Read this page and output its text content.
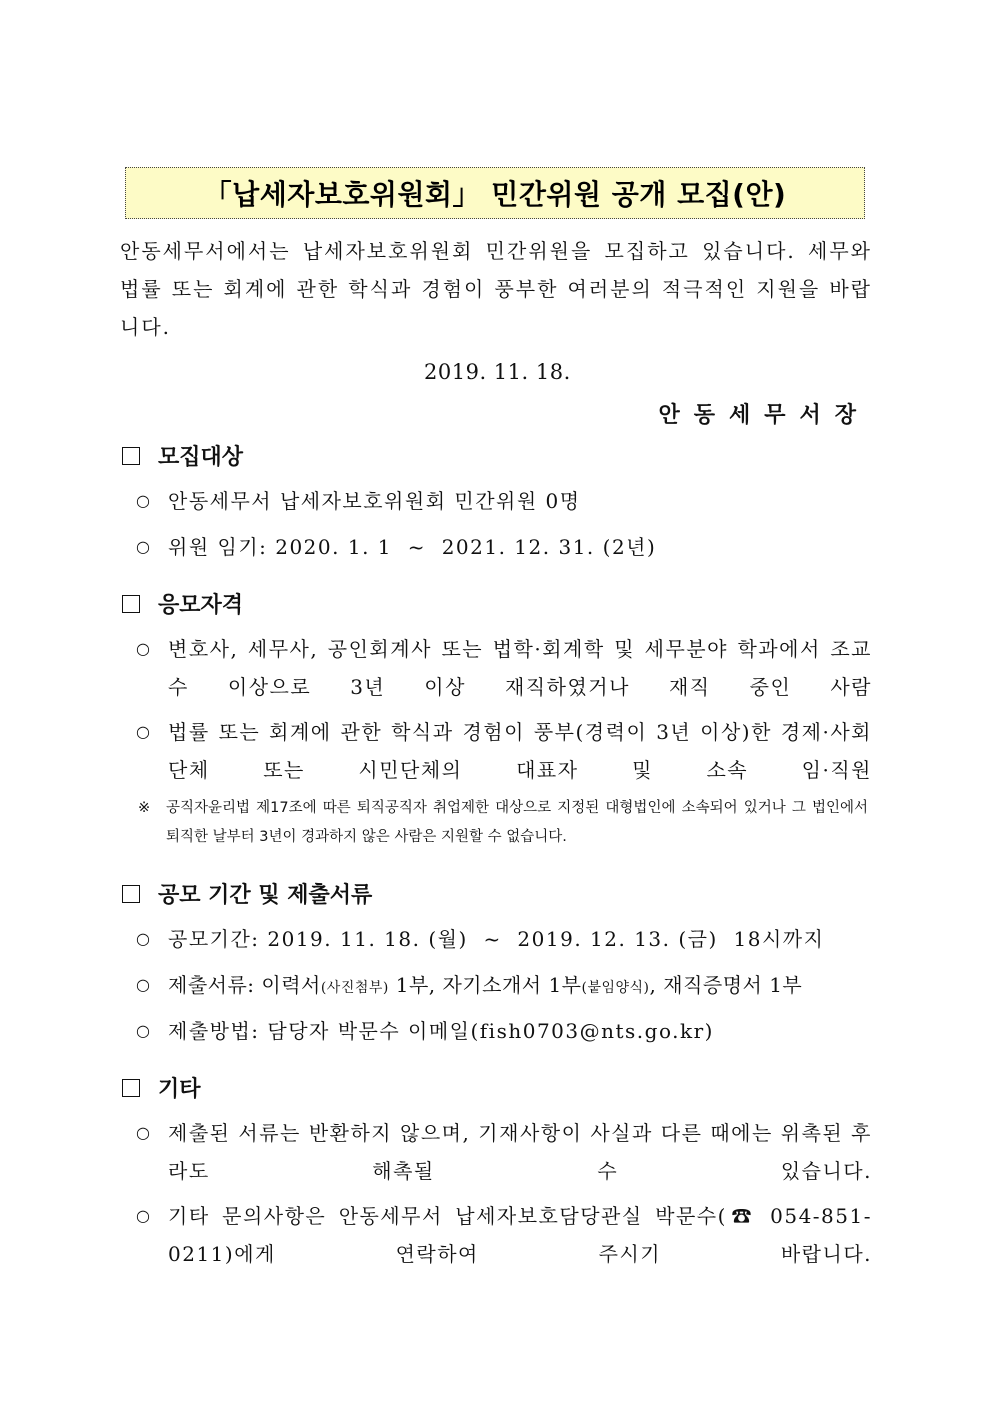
「납세자보호위원회」 민간위원 공개 모집(안)
안동세무서에서는 납세자보호위원회 민간위원을 모집하고 있습니다. 세무와 법률 또는 회계에 관한 학식과 경험이 풍부한 여러분의 적극적인 지원을 바랍니다.
2019. 11. 18.
안동세무서장
모집대상
○ 안동세무서 납세자보호위원회 민간위원 0명
○ 위원 임기: 2020. 1. 1  ~  2021. 12. 31. (2년)
응모자격
○ 변호사, 세무사, 공인회계사 또는 법학·회계학 및 세무분야 학과에서 조교수 이상으로 3년 이상 재직하였거나 재직 중인 사람
○ 법률 또는 회계에 관한 학식과 경험이 풍부(경력이 3년 이상)한 경제·사회단체 또는 시민단체의 대표자 및 소속 임·직원
※	공직자윤리법 제17조에 따른 퇴직공직자 취업제한 대상으로 지정된 대형법인에 소속되어 있거나 그 법인에서 퇴직한 날부터 3년이 경과하지 않은 사람은 지원할 수 없습니다.
공모 기간 및 제출서류
○ 공모기간: 2019. 11. 18. (월)  ~  2019. 12. 13. (금)  18시까지
○ 제출서류: 이력서(사진첨부) 1부, 자기소개서 1부(붙임양식), 재직증명서 1부
○ 제출방법: 담당자 박문수 이메일(fish0703@nts.go.kr)
기타
○ 제출된 서류는 반환하지 않으며, 기재사항이 사실과 다른 때에는 위촉된 후라도 해촉될 수 있습니다.
○ 기타 문의사항은 안동세무서 납세자보호담당관실 박문수(☎ 054-851-0211)에게 연락하여 주시기 바랍니다.
